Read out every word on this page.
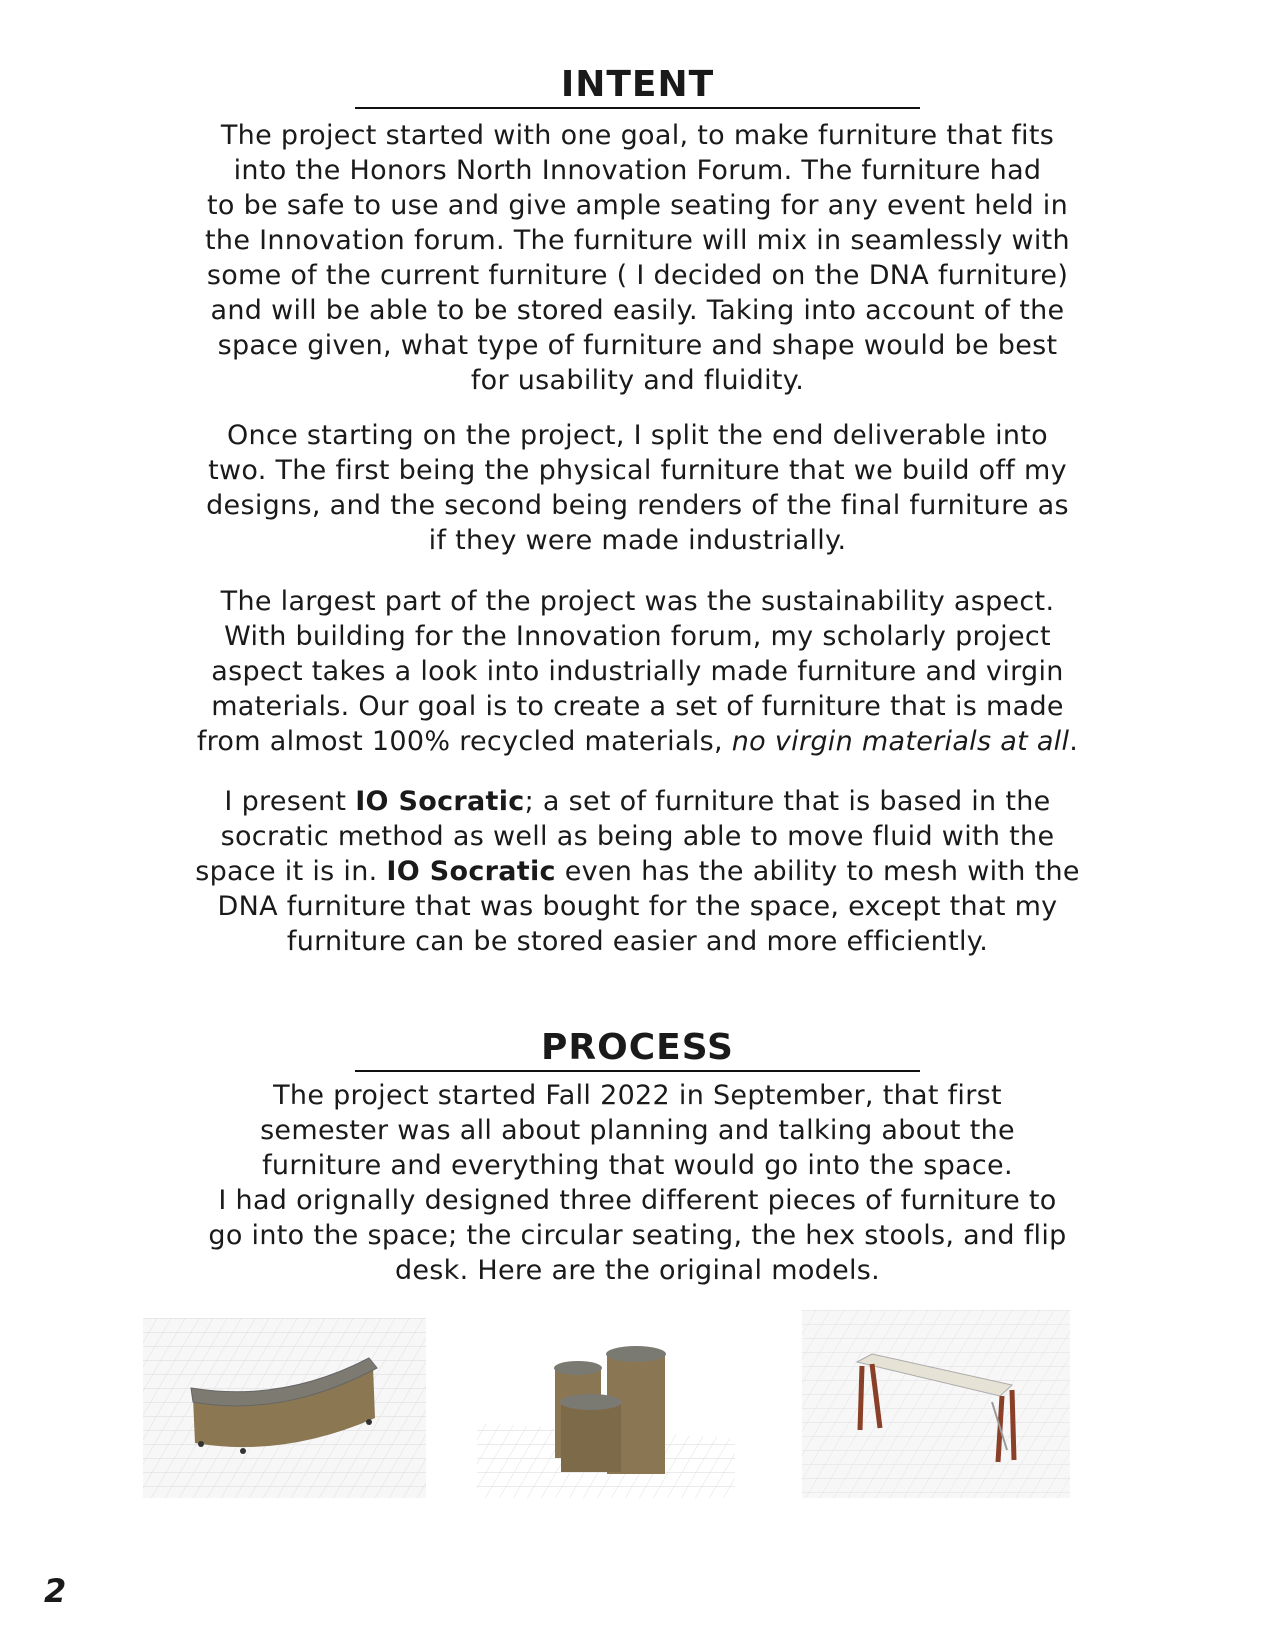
INTENT

The project started with one goal, to make furniture that fits
into the Honors North Innovation Forum. The furniture had
to be safe to use and give ample seating for any event held in
the Innovation forum. The furniture will mix in seamlessly with
some of the current furniture ( I decided on the DNA furniture)
and will be able to be stored easily. Taking into account of the
space given, what type of furniture and shape would be best
for usability and fluidity.

Once starting on the project, I split the end deliverable into
two. The first being the physical furniture that we build off my
designs, and the second being renders of the final furniture as
if they were made industrially.

The largest part of the project was the sustainability aspect.
With building for the Innovation forum, my scholarly project
aspect takes a look into industrially made furniture and virgin
materials. Our goal is to create a set of furniture that is made
from almost 100% recycled materials, no virgin materials at all.

I present IO Socratic; a set of furniture that is based in the
socratic method as well as being able to move fluid with the
space it is in. IO Socratic even has the ability to mesh with the
DNA furniture that was bought for the space, except that my
furniture can be stored easier and more efficiently.

PROCESS

The project started Fall 2022 in September, that first
semester was all about planning and talking about the
furniture and everything that would go into the space.
I had orignally designed three different pieces of furniture to
go into the space; the circular seating, the hex stools, and flip
desk. Here are the original models.

2
